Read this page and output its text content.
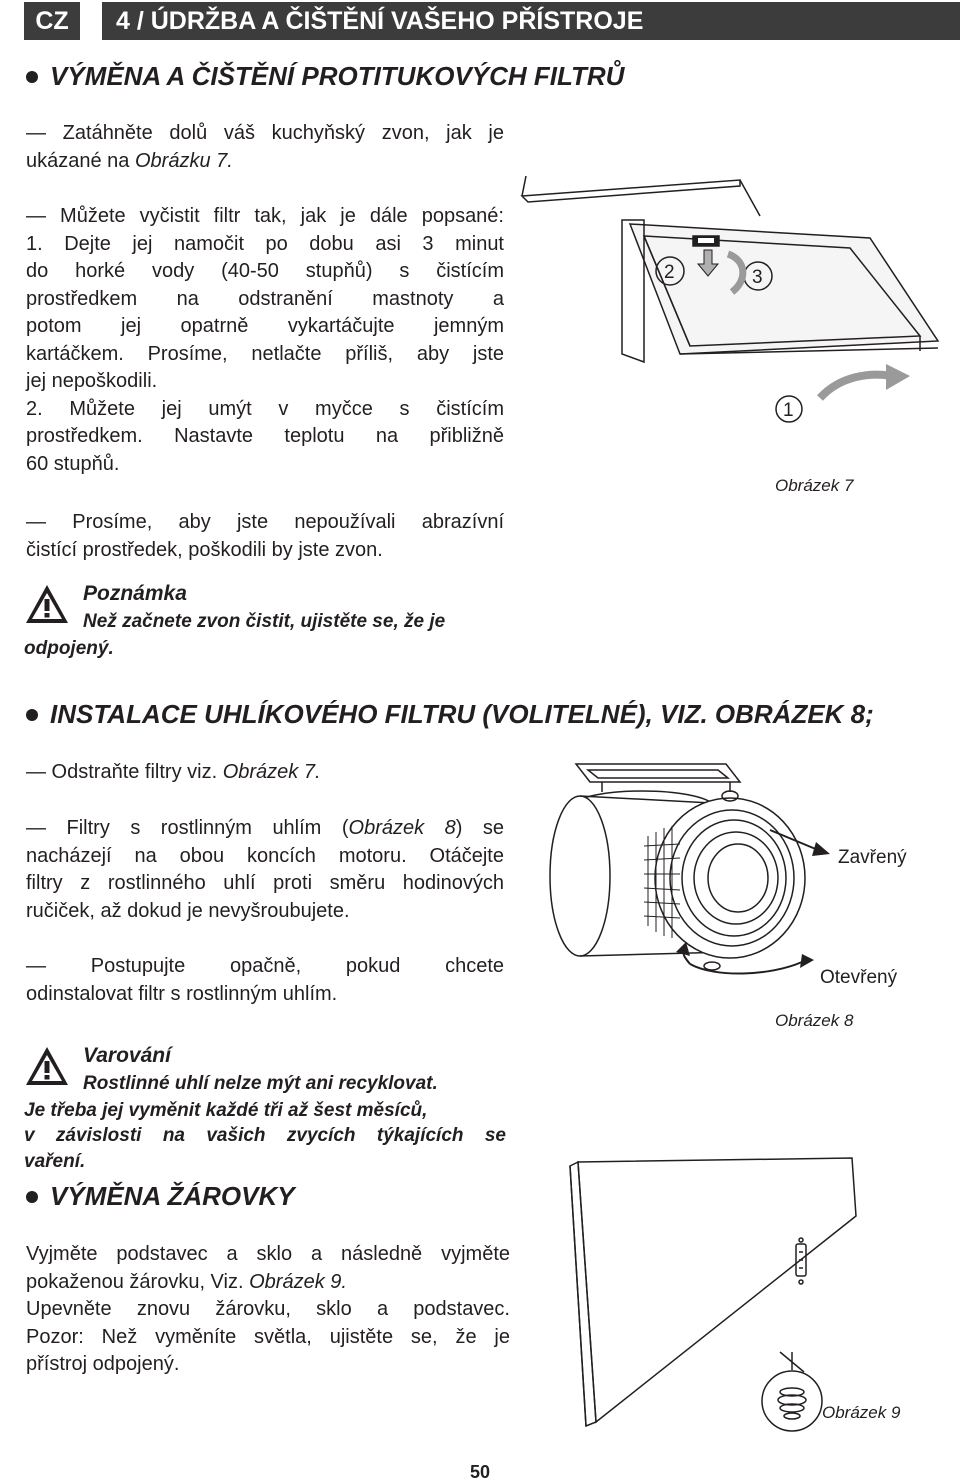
CZ	4 / ÚDRŽBA A ČIŠTĚNÍ VAŠEHO PŘÍSTROJE
VÝMĚNA A ČIŠTĚNÍ PROTITUKOVÝCH FILTRŮ
— Zatáhněte dolů váš kuchyňský zvon, jak je
ukázané na Obrázku 7.
— Můžete vyčistit filtr tak, jak je dále popsané:
1. Dejte jej namočit po dobu asi 3 minut
do horké vody (40-50 stupňů) s čistícím
prostředkem na odstranění mastnoty a
potom jej opatrně vykartáčujte jemným
kartáčkem. Prosíme, netlačte příliš, aby jste
jej nepoškodili.
2. Můžete jej umýt v myčce s čistícím
prostředkem. Nastavte teplotu na přibližně
60 stupňů.
— Prosíme, aby jste nepoužívali abrazívní
čistící prostředek, poškodili by jste zvon.
Poznámka
Než začnete zvon čistit, ujistěte se, že je
odpojený.
2	3
1
Obrázek 7
INSTALACE UHLÍKOVÉHO FILTRU (VOLITELNÉ), VIZ. OBRÁZEK 8;
— Odstraňte filtry viz. Obrázek 7.
— Filtry s rostlinným uhlím (Obrázek 8) se
nacházejí na obou koncích motoru. Otáčejte
filtry z rostlinného uhlí proti směru hodinových
ručiček, až dokud je nevyšroubujete.
— Postupujte opačně, pokud chcete
odinstalovat filtr s rostlinným uhlím.
Varování
Rostlinné uhlí nelze mýt ani recyklovat.
Je třeba jej vyměnit každé tři až šest měsíců,
v závislosti na vašich zvycích týkajících se
vaření.
Zavřený
Otevřený
Obrázek 8
VÝMĚNA ŽÁROVKY
Vyjměte podstavec a sklo a následně vyjměte
pokaženou žárovku, Viz. Obrázek 9.
Upevněte znovu žárovku, sklo a podstavec.
Pozor: Než vyměníte světla, ujistěte se, že je
přístroj odpojený.
Obrázek 9
50
